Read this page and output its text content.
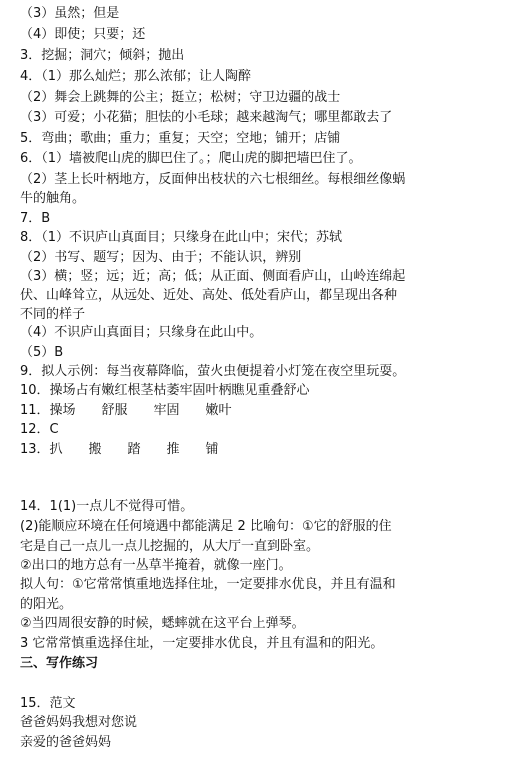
（3）虽然；但是
（4）即使；只要；还
3．挖掘；洞穴；倾斜；抛出
4．（1）那么灿烂；那么浓郁；让人陶醉
（2）舞会上跳舞的公主；挺立；松树；守卫边疆的战士
（3）可爱；小花猫；胆怯的小毛球；越来越淘气；哪里都敢去了
5．弯曲；歌曲；重力；重复；天空；空地；铺开；店铺
6．（1）墙被爬山虎的脚巴住了。；爬山虎的脚把墙巴住了。
（2）茎上长叶柄地方，反面伸出枝状的六七根细丝。每根细丝像蜗
牛的触角。
7．B
8．（1）不识庐山真面目；只缘身在此山中；宋代；苏轼
（2）书写、题写；因为、由于；不能认识，辨别
（3）横；竖；远；近；高；低；从正面、侧面看庐山，山岭连绵起
伏、山峰耸立，从远处、近处、高处、低处看庐山，都呈现出各种
不同的样子
（4）不识庐山真面目；只缘身在此山中。
（5）B
9．拟人示例：每当夜幕降临，萤火虫便提着小灯笼在夜空里玩耍。
10．操场占有嫩红根茎枯萎牢固叶柄瞧见重叠舒心
11．操场　　舒服　　牢固　　嫩叶
12．C
13．扒　　搬　　踏　　推　　铺
14．1(1)一点儿不觉得可惜。
(2)能顺应环境在任何境遇中都能满足 2 比喻句：①它的舒服的住
宅是自己一点儿一点儿挖掘的，从大厅一直到卧室。
②出口的地方总有一丛草半掩着，就像一座门。
拟人句：①它常常慎重地选择住址，一定要排水优良，并且有温和
的阳光。
②当四周很安静的时候，蟋蟀就在这平台上弹琴。
3 它常常慎重选择住址，一定要排水优良，并且有温和的阳光。
三、写作练习
15．范文
爸爸妈妈我想对您说
亲爱的爸爸妈妈
